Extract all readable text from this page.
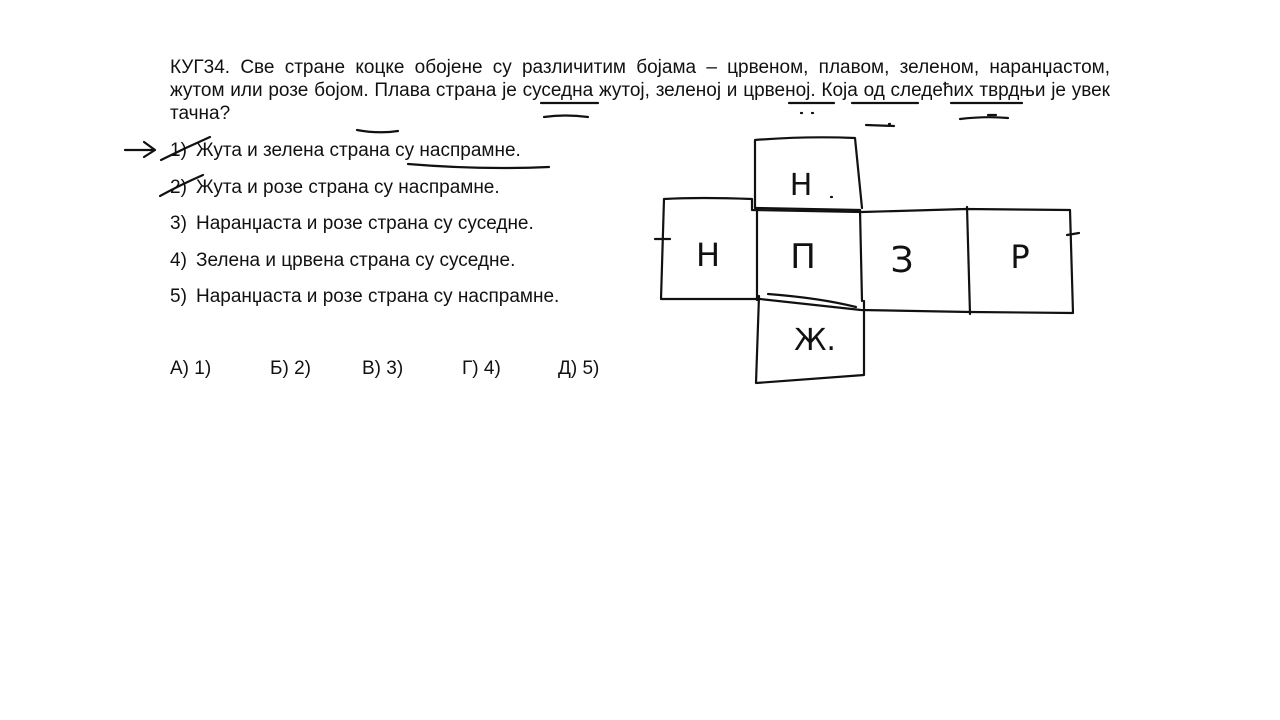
КУГ34. Све стране коцке обојене су различитим бојама – црвеном, плавом, зеленом, наранџастом, жутом или розе бојом. Плава страна је суседна жутој, зеленој и црвеној. Која од следећих тврдњи је увек тачна?

1) Жута и зелена страна су наспрамне.
2) Жута и розе страна су наспрамне.
3) Наранџаста и розе страна су суседне.
4) Зелена и црвена страна су суседне.
5) Наранџаста и розе страна су наспрамне.
А) 1)	Б) 2)	В) 3)	Г) 4)	Д) 5)
Н
Н П З	Р
Ж.
